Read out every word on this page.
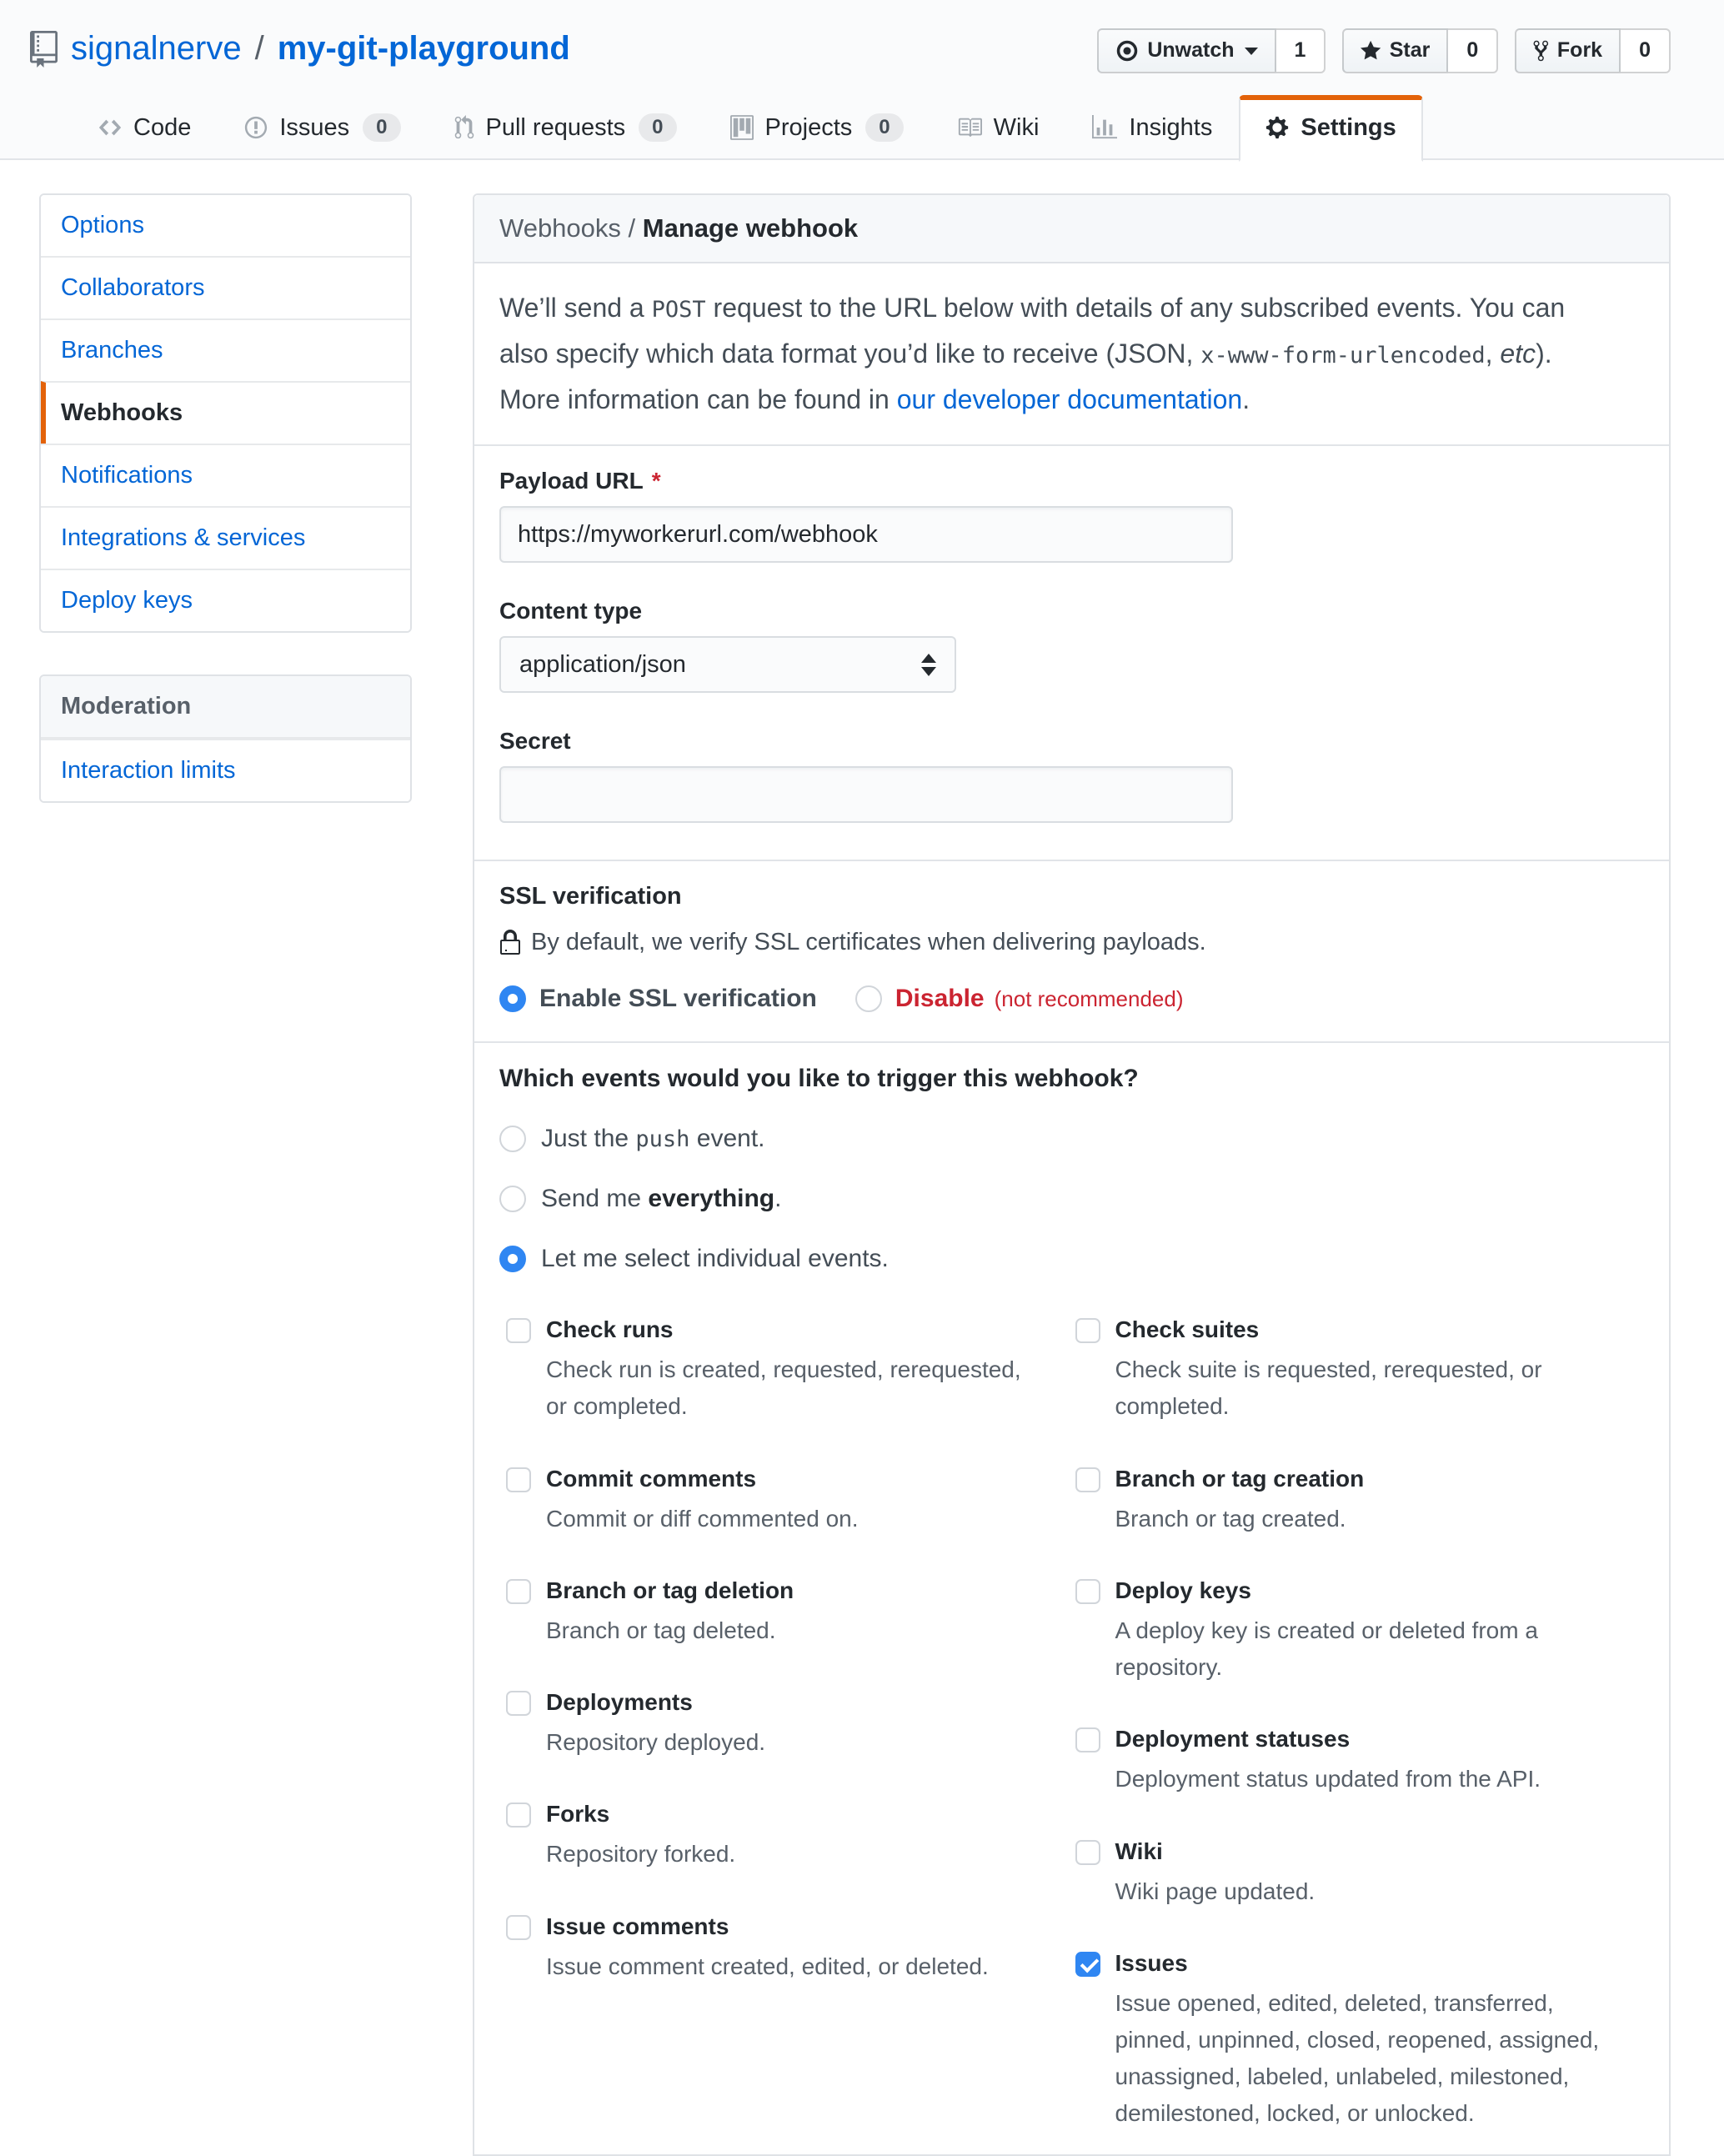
signalnerve / my-git-playground	Unwatch	1	Star	0	Fork	0
Code	Issues	0	Pull requests	0	Projects	0	Wiki	Insights	Settings
Options
Collaborators
Branches
Webhooks
Notifications
Integrations & services
Deploy keys
Moderation
Interaction limits
Webhooks / Manage webhook

We’ll send a POST request to the URL below with details of any subscribed events. You can also specify which data format you’d like to receive (JSON, x-www-form-urlencoded, etc). More information can be found in our developer documentation.

Payload URL *
https://myworkerurl.com/webhook
Content type
application/json
Secret
SSL verification
By default, we verify SSL certificates when delivering payloads.
Enable SSL verification	Disable (not recommended)
Which events would you like to trigger this webhook?
Just the push event.
Send me everything.
Let me select individual events.
Check runs
Check run is created, requested, rerequested, or completed.
Commit comments
Commit or diff commented on.
Branch or tag deletion
Branch or tag deleted.
Deployments
Repository deployed.
Forks
Repository forked.
Issue comments
Issue comment created, edited, or deleted.
Check suites
Check suite is requested, rerequested, or completed.
Branch or tag creation
Branch or tag created.
Deploy keys
A deploy key is created or deleted from a repository.
Deployment statuses
Deployment status updated from the API.
Wiki
Wiki page updated.
Issues
Issue opened, edited, deleted, transferred, pinned, unpinned, closed, reopened, assigned, unassigned, labeled, unlabeled, milestoned, demilestoned, locked, or unlocked.
